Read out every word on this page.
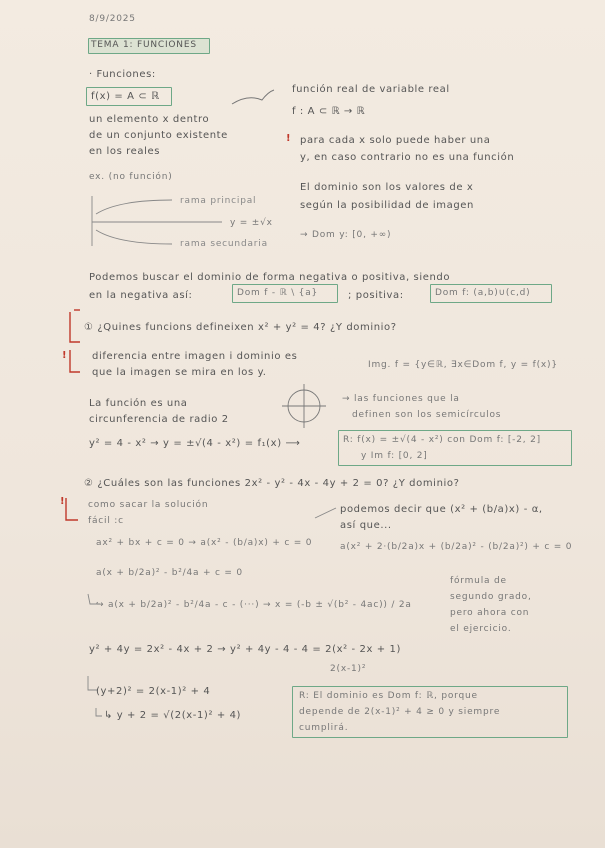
8/9/2025
TEMA 1: FUNCIONES
· Funciones:
f(x) = A ⊂ ℝ
un elemento x dentro
de un conjunto existente
en los reales
función real de variable real
f : A ⊂ ℝ → ℝ
! para cada x solo puede haber una
y, en caso contrario no es una función
ex. (no función)
rama principal
y = ±√x
rama secundaria
El dominio son los valores de x
según la posibilidad de imagen
→ Dom y: [0, +∞)
Podemos buscar el dominio de forma negativa o positiva, siendo
en la negativa así:	Dom f - ℝ \ {a}	; positiva:	Dom f: (a,b)∪(c,d)
① ¿Quines funcions defineixen x² + y² = 4? ¿Y dominio?
! diferencia entre imagen i dominio es
que la imagen se mira en los y.
Img. f = {y∈ℝ, ∃x∈Dom f, y = f(x)}
La función es una
circunferencia de radio 2
→ las funciones que la
definen son los semicírculos
y² = 4 - x² → y = ±√(4 - x²) = f₁(x) ⟶	R: f(x) = ±√(4 - x²) con Dom f: [-2, 2]
y Im f: [0, 2]
② ¿Cuáles son las funciones 2x² - y² - 4x - 4y + 2 = 0? ¿Y dominio?
!	como sacar la solución
fácil :c
podemos decir que (x² + (b/a)x) - α,
así que...
ax² + bx + c = 0 → a(x² - (b/a)x) + c = 0	a(x² + 2·(b/2a)x + (b/2a)² - (b/2a)²) + c = 0
a(x + b/2a)² - b²/4a + c = 0
↪ a(x + b/2a)² - b²/4a - c - (···) → x = (-b ± √(b² - 4ac)) / 2a
fórmula de
segundo grado,
pero ahora con
el ejercicio.
y² + 4y = 2x² - 4x + 2 → y² + 4y - 4 - 4 = 2(x² - 2x + 1)
2(x-1)²
(y+2)² = 2(x-1)² + 4
↳ y + 2 = √(2(x-1)² + 4)
R: El dominio es Dom f: ℝ, porque
depende de 2(x-1)² + 4 ≥ 0 y siempre
cumplirá.
